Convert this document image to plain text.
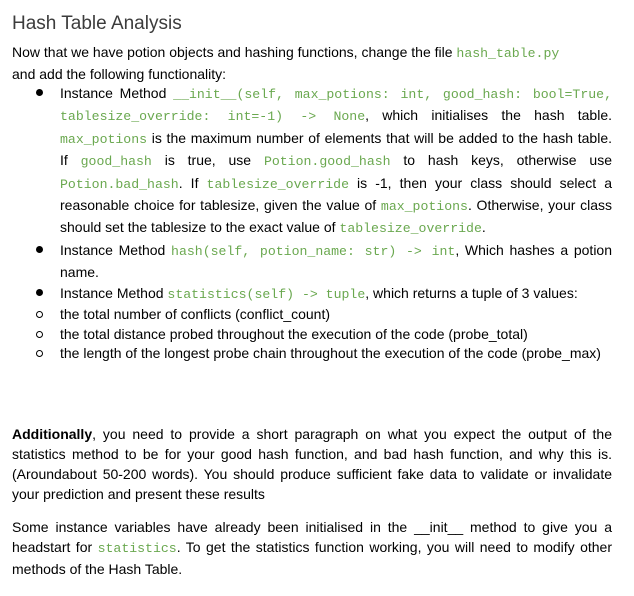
Hash Table Analysis

Now that we have potion objects and hashing functions, change the file hash_table.py
and add the following functionality:

Instance Method __init__(self, max_potions: int, good_hash: bool=True, tablesize_override: int=-1) -> None, which initialises the hash table. max_potions is the maximum number of elements that will be added to the hash table. If good_hash is true, use Potion.good_hash to hash keys, otherwise use Potion.bad_hash. If tablesize_override is -1, then your class should select a reasonable choice for tablesize, given the value of max_potions. Otherwise, your class should set the tablesize to the exact value of tablesize_override.
Instance Method hash(self, potion_name: str) -> int, Which hashes a potion name.
Instance Method statistics(self) -> tuple, which returns a tuple of 3 values:
the total number of conflicts (conflict_count)
the total distance probed throughout the execution of the code (probe_total)
the length of the longest probe chain throughout the execution of the code (probe_max)

Additionally, you need to provide a short paragraph on what you expect the output of the statistics method to be for your good hash function, and bad hash function, and why this is. (Aroundabout 50-200 words). You should produce sufficient fake data to validate or invalidate your prediction and present these results

Some instance variables have already been initialised in the __init__ method to give you a headstart for statistics. To get the statistics function working, you will need to modify other methods of the Hash Table.
